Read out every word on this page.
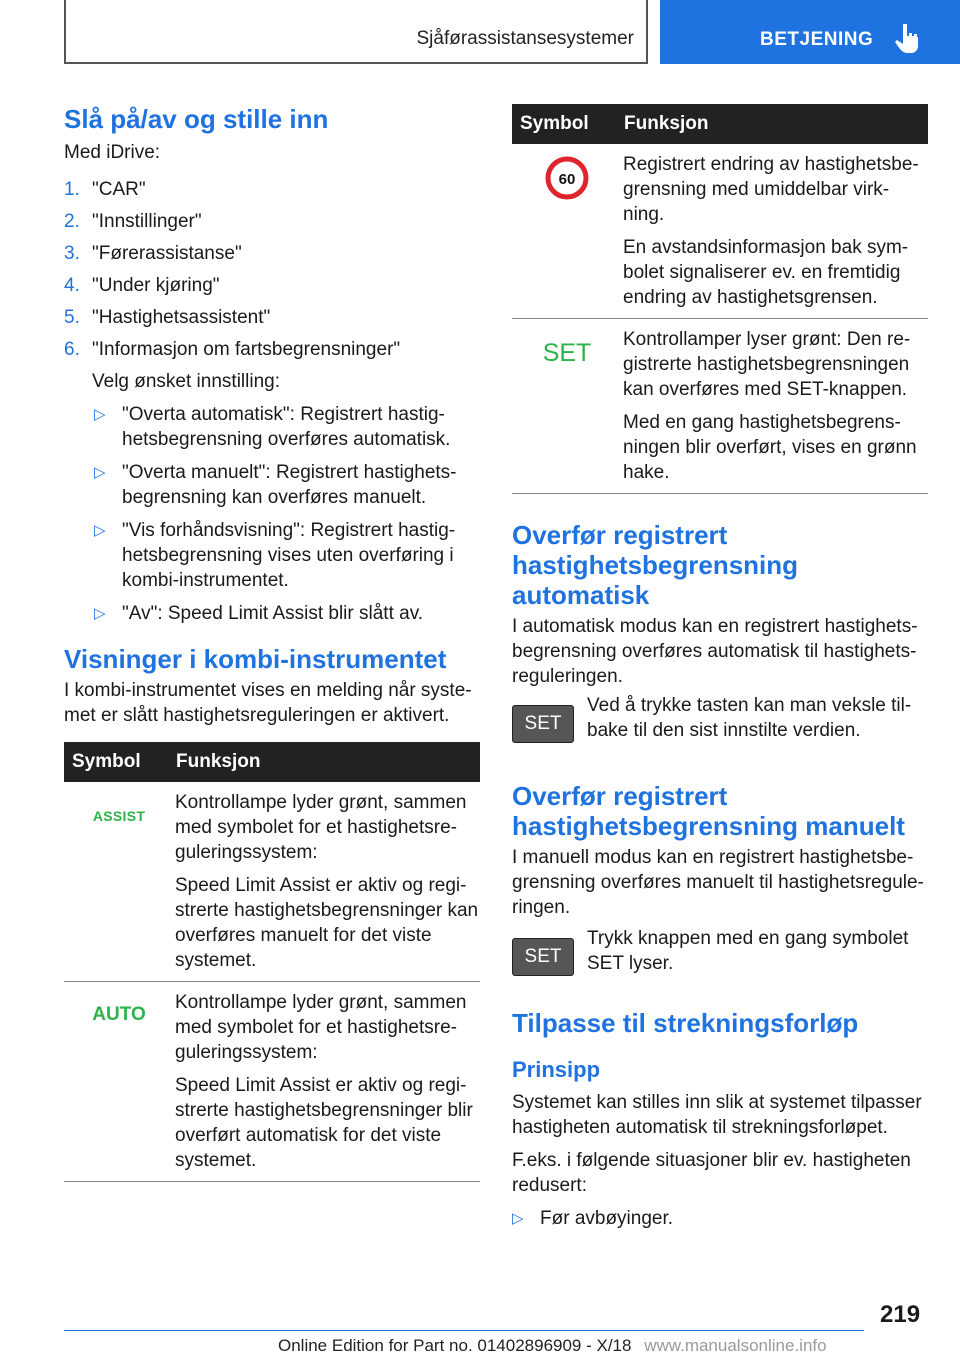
Sjåførassistansesystemer	BETJENING
Slå på/av og stille inn

Med iDrive:

1. "CAR"
2. "Innstillinger"
3. "Førerassistanse"
4. "Under kjøring"
5. "Hastighetsassistent"
6. "Informasjon om fartsbegrensninger"

Velg ønsket innstilling:

▷ "Overta automatisk": Registrert hastig-hetsbegrensning overføres automatisk.
▷ "Overta manuelt": Registrert hastighets-begrensning kan overføres manuelt.
▷ "Vis forhåndsvisning": Registrert hastig-hetsbegrensning vises uten overføring i kombi-instrumentet.
▷ "Av": Speed Limit Assist blir slått av.
Visninger i kombi-instrumentet

I kombi-instrumentet vises en melding når syste-met er slått hastighetsreguleringen er aktivert.

Symbol	Funksjon
ASSIST	Kontrollampe lyder grønt, sammen med symbolet for et hastighetsre-guleringssystem:

Speed Limit Assist er aktiv og regi-strerte hastighetsbegrensninger kan overføres manuelt for det viste systemet.

AUTO	Kontrollampe lyder grønt, sammen med symbolet for et hastighetsre-guleringssystem:

Speed Limit Assist er aktiv og regi-strerte hastighetsbegrensninger blir overført automatisk for det viste systemet.

Symbol	Funksjon

60	Registrert endring av hastighetsbe-grensning med umiddelbar virk-ning.

En avstandsinformasjon bak sym-bolet signaliserer ev. en fremtidig endring av hastighetsgrensen.

SET	Kontrollamper lyser grønt: Den re-gistrerte hastighetsbegrensningen kan overføres med SET-knappen.

Med en gang hastighetsbegrens-ningen blir overført, vises en grønn hake.

Overfør registrert hastighetsbegrensning automatisk

I automatisk modus kan en registrert hastighets-begrensning overføres automatisk til hastighets-reguleringen.

SET

Ved å trykke tasten kan man veksle til-bake til den sist innstilte verdien.

Overfør registrert hastighetsbegrensning manuelt

I manuell modus kan en registrert hastighetsbe-grensning overføres manuelt til hastighetsregule-ringen.

SET

Trykk knappen med en gang symbolet SET lyser.

Tilpasse til strekningsforløp
Prinsipp

Systemet kan stilles inn slik at systemet tilpasser hastigheten automatisk til strekningsforløpet.

F.eks. i følgende situasjoner blir ev. hastigheten redusert:

▷ Før avbøyinger.
219
Online Edition for Part no. 01402896909 - X/18 www.manualsonline.info
